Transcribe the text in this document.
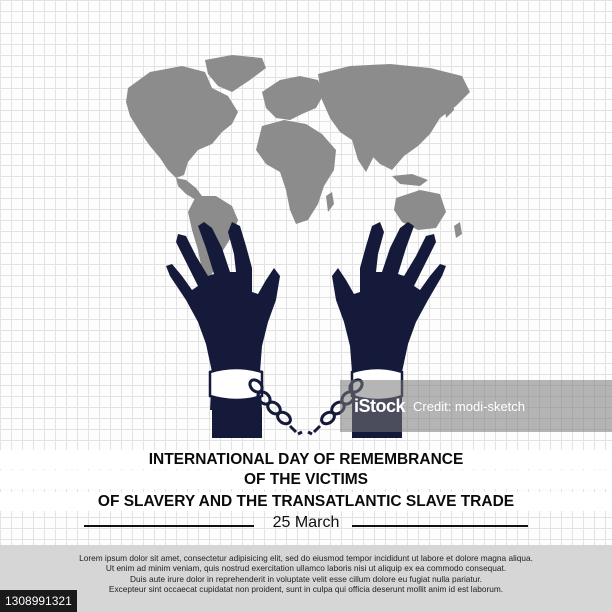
INTERNATIONAL DAY OF REMEMBRANCE
OF THE VICTIMS
OF SLAVERY AND THE TRANSATLANTIC SLAVE TRADE
25 March
iStock Credit: modi-sketch

Lorem ipsum dolor sit amet, consectetur adipisicing elit, sed do eiusmod tempor incididunt ut labore et dolore magna aliqua.

Ut enim ad minim veniam, quis nostrud exercitation ullamco laboris nisi ut aliquip ex ea commodo consequat.

Duis aute irure dolor in reprehenderit in voluptate velit esse cillum dolore eu fugiat nulla pariatur.

Excepteur sint occaecat cupidatat non proident, sunt in culpa qui officia deserunt mollit anim id est laborum.

1308991321
